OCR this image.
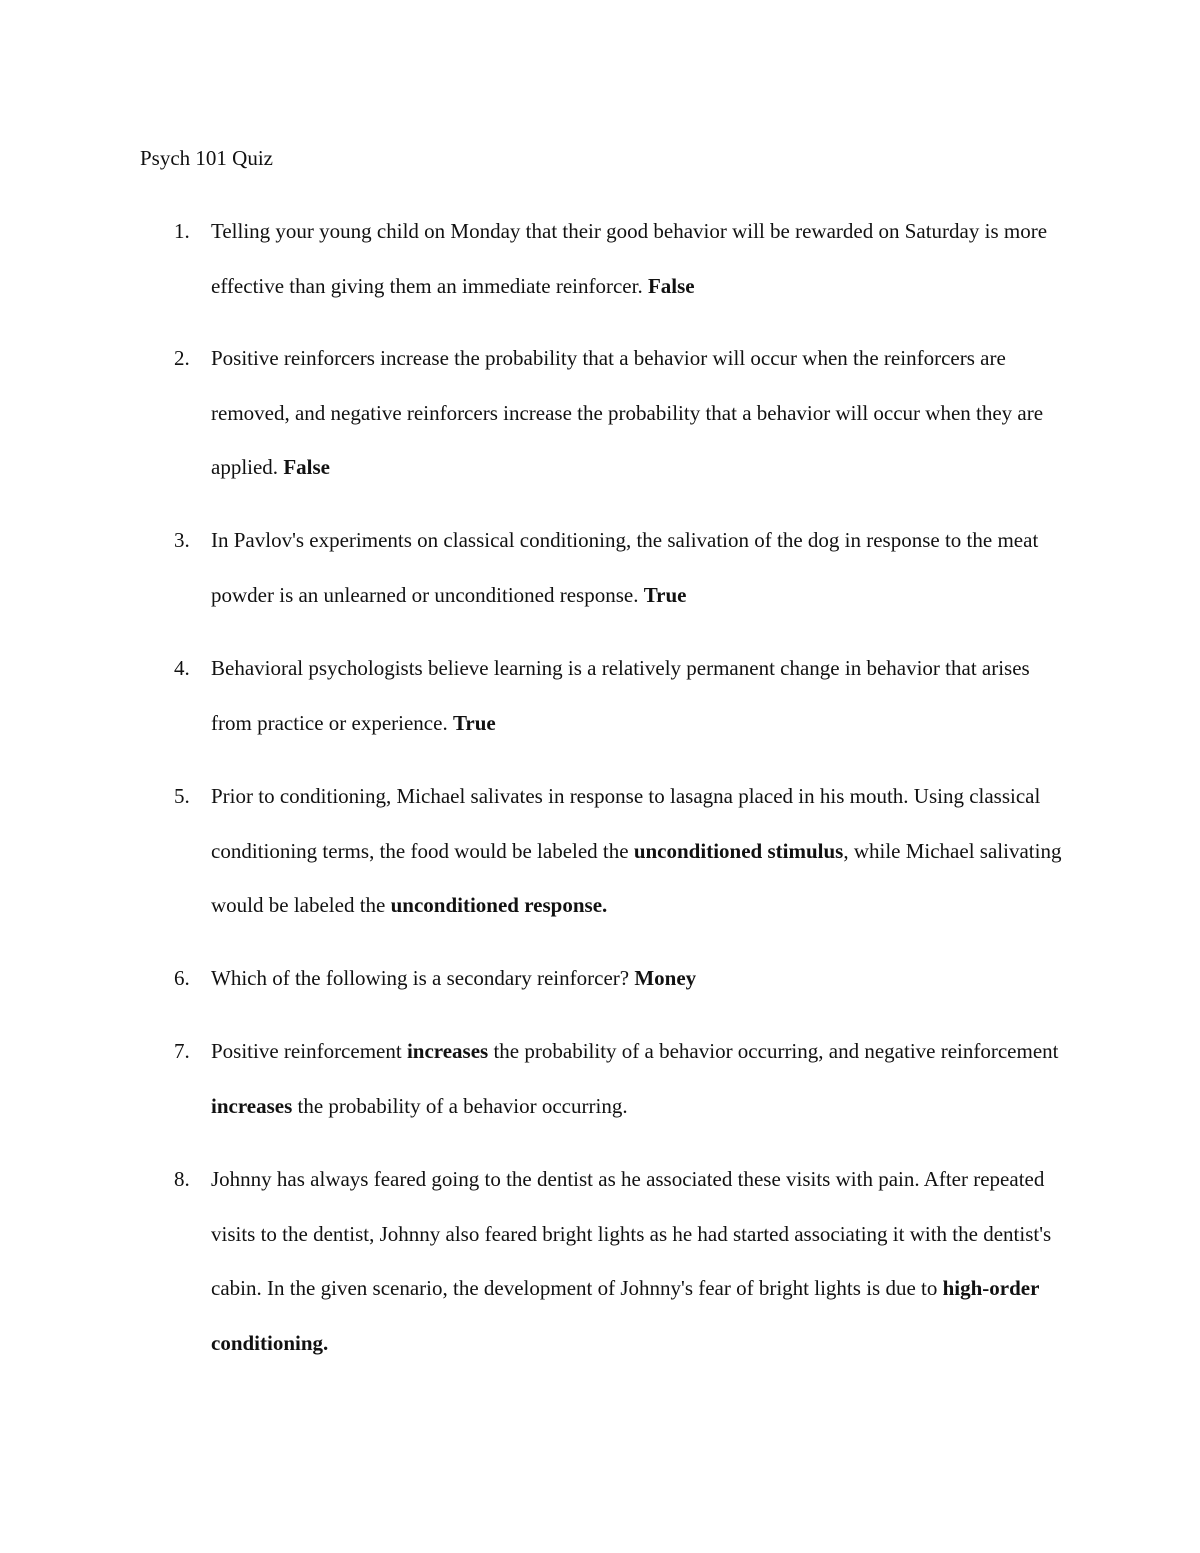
Psych 101 Quiz
1. Telling your young child on Monday that their good behavior will be rewarded on Saturday is more effective than giving them an immediate reinforcer. False
2. Positive reinforcers increase the probability that a behavior will occur when the reinforcers are removed, and negative reinforcers increase the probability that a behavior will occur when they are applied. False
3. In Pavlov's experiments on classical conditioning, the salivation of the dog in response to the meat powder is an unlearned or unconditioned response. True
4. Behavioral psychologists believe learning is a relatively permanent change in behavior that arises from practice or experience. True
5. Prior to conditioning, Michael salivates in response to lasagna placed in his mouth. Using classical conditioning terms, the food would be labeled the unconditioned stimulus, while Michael salivating would be labeled the unconditioned response.
6. Which of the following is a secondary reinforcer? Money
7. Positive reinforcement increases the probability of a behavior occurring, and negative reinforcement increases the probability of a behavior occurring.
8. Johnny has always feared going to the dentist as he associated these visits with pain. After repeated visits to the dentist, Johnny also feared bright lights as he had started associating it with the dentist's cabin. In the given scenario, the development of Johnny's fear of bright lights is due to high-order conditioning.
